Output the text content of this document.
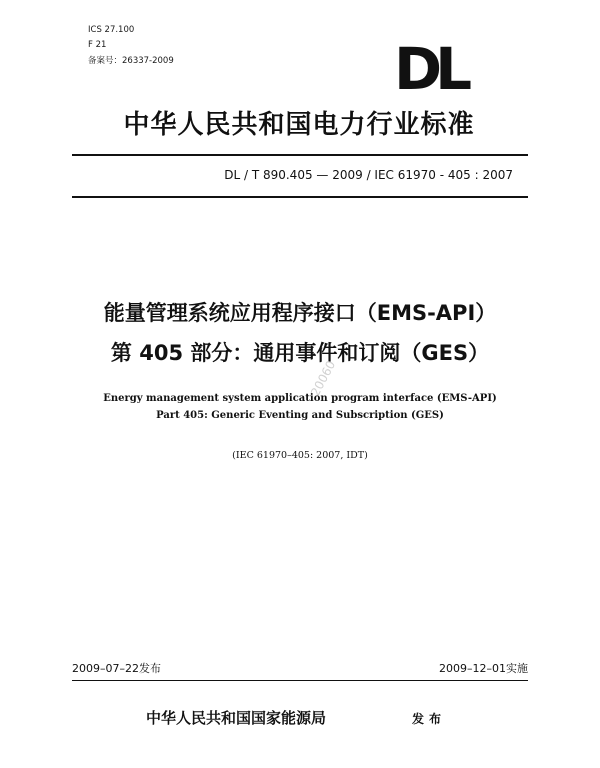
ICS 27.100
F 21
备案号：26337-2009	DL
中华人民共和国电力行业标准
DL / T 890.405 — 2009 / IEC 61970 - 405 : 2007
能量管理系统应用程序接口（EMS-API）
第 405 部分：通用事件和订阅（GES）
20060
Energy management system application program interface (EMS-API)
Part 405: Generic Eventing and Subscription (GES)
(IEC 61970–405: 2007, IDT)
2009–07–22发布	2009–12–01实施
中华人民共和国国家能源局	发布
